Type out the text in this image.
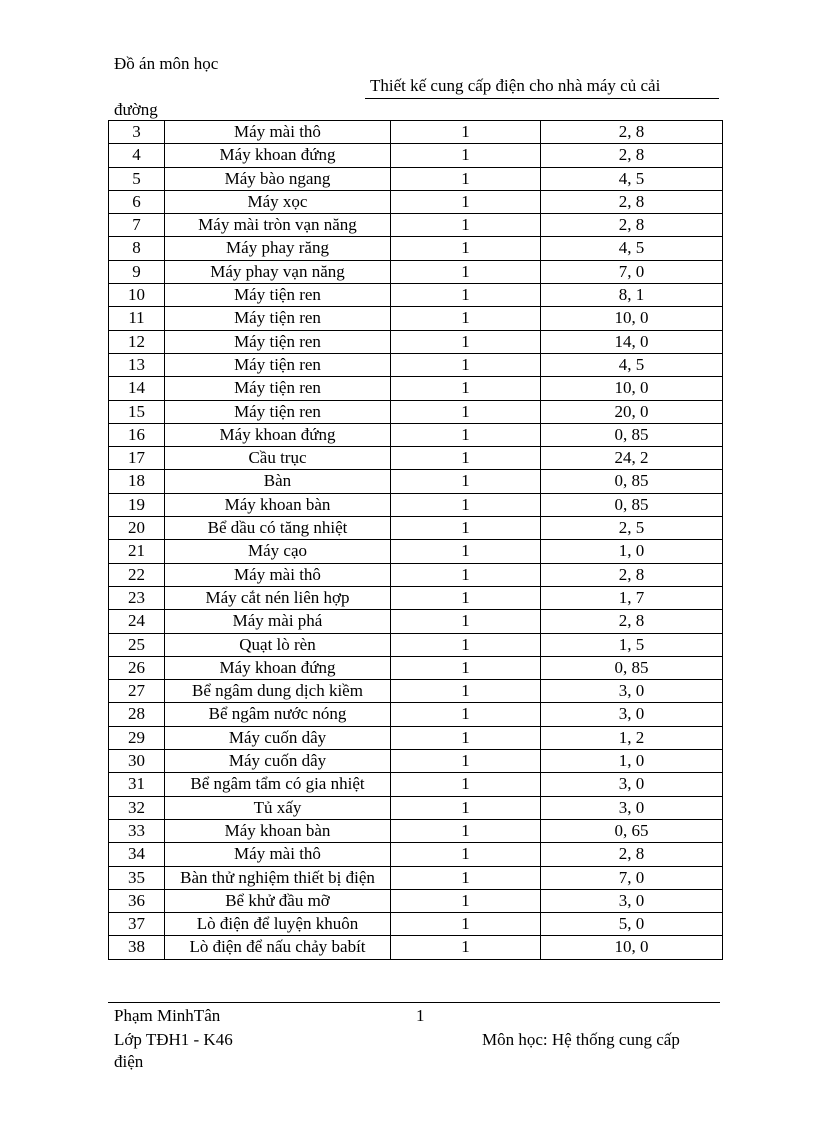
Đồ án môn học
Thiết kế cung cấp điện cho nhà máy củ cải
đường
3	Máy mài thô	1	2, 8
4	Máy khoan đứng	1	2, 8
5	Máy bào ngang	1	4, 5
6	Máy xọc	1	2, 8
7	Máy mài tròn vạn năng	1	2, 8
8	Máy phay răng	1	4, 5
9	Máy phay vạn năng	1	7, 0
10	Máy tiện ren	1	8, 1
11	Máy tiện ren	1	10, 0
12	Máy tiện ren	1	14, 0
13	Máy tiện ren	1	4, 5
14	Máy tiện ren	1	10, 0
15	Máy tiện ren	1	20, 0
16	Máy khoan đứng	1	0, 85
17	Cầu trục	1	24, 2
18	Bàn	1	0, 85
19	Máy khoan bàn	1	0, 85
20	Bể dầu có tăng nhiệt	1	2, 5
21	Máy cạo	1	1, 0
22	Máy mài thô	1	2, 8
23	Máy cắt nén liên hợp	1	1, 7
24	Máy mài phá	1	2, 8
25	Quạt lò rèn	1	1, 5
26	Máy khoan đứng	1	0, 85
27	Bể ngâm dung dịch kiềm	1	3, 0
28	Bể ngâm nước nóng	1	3, 0
29	Máy cuốn dây	1	1, 2
30	Máy cuốn dây	1	1, 0
31	Bể ngâm tẩm có gia nhiệt	1	3, 0
32	Tủ xấy	1	3, 0
33	Máy khoan bàn	1	0, 65
34	Máy mài thô	1	2, 8
35	Bàn thử nghiệm thiết bị điện	1	7, 0
36	Bể khử đầu mỡ	1	3, 0
37	Lò điện để luyện khuôn	1	5, 0
38	Lò điện để nấu chảy babít	1	10, 0
Phạm MinhTân	1
Lớp TĐH1 - K46	Môn học: Hệ thống cung cấp
điện
